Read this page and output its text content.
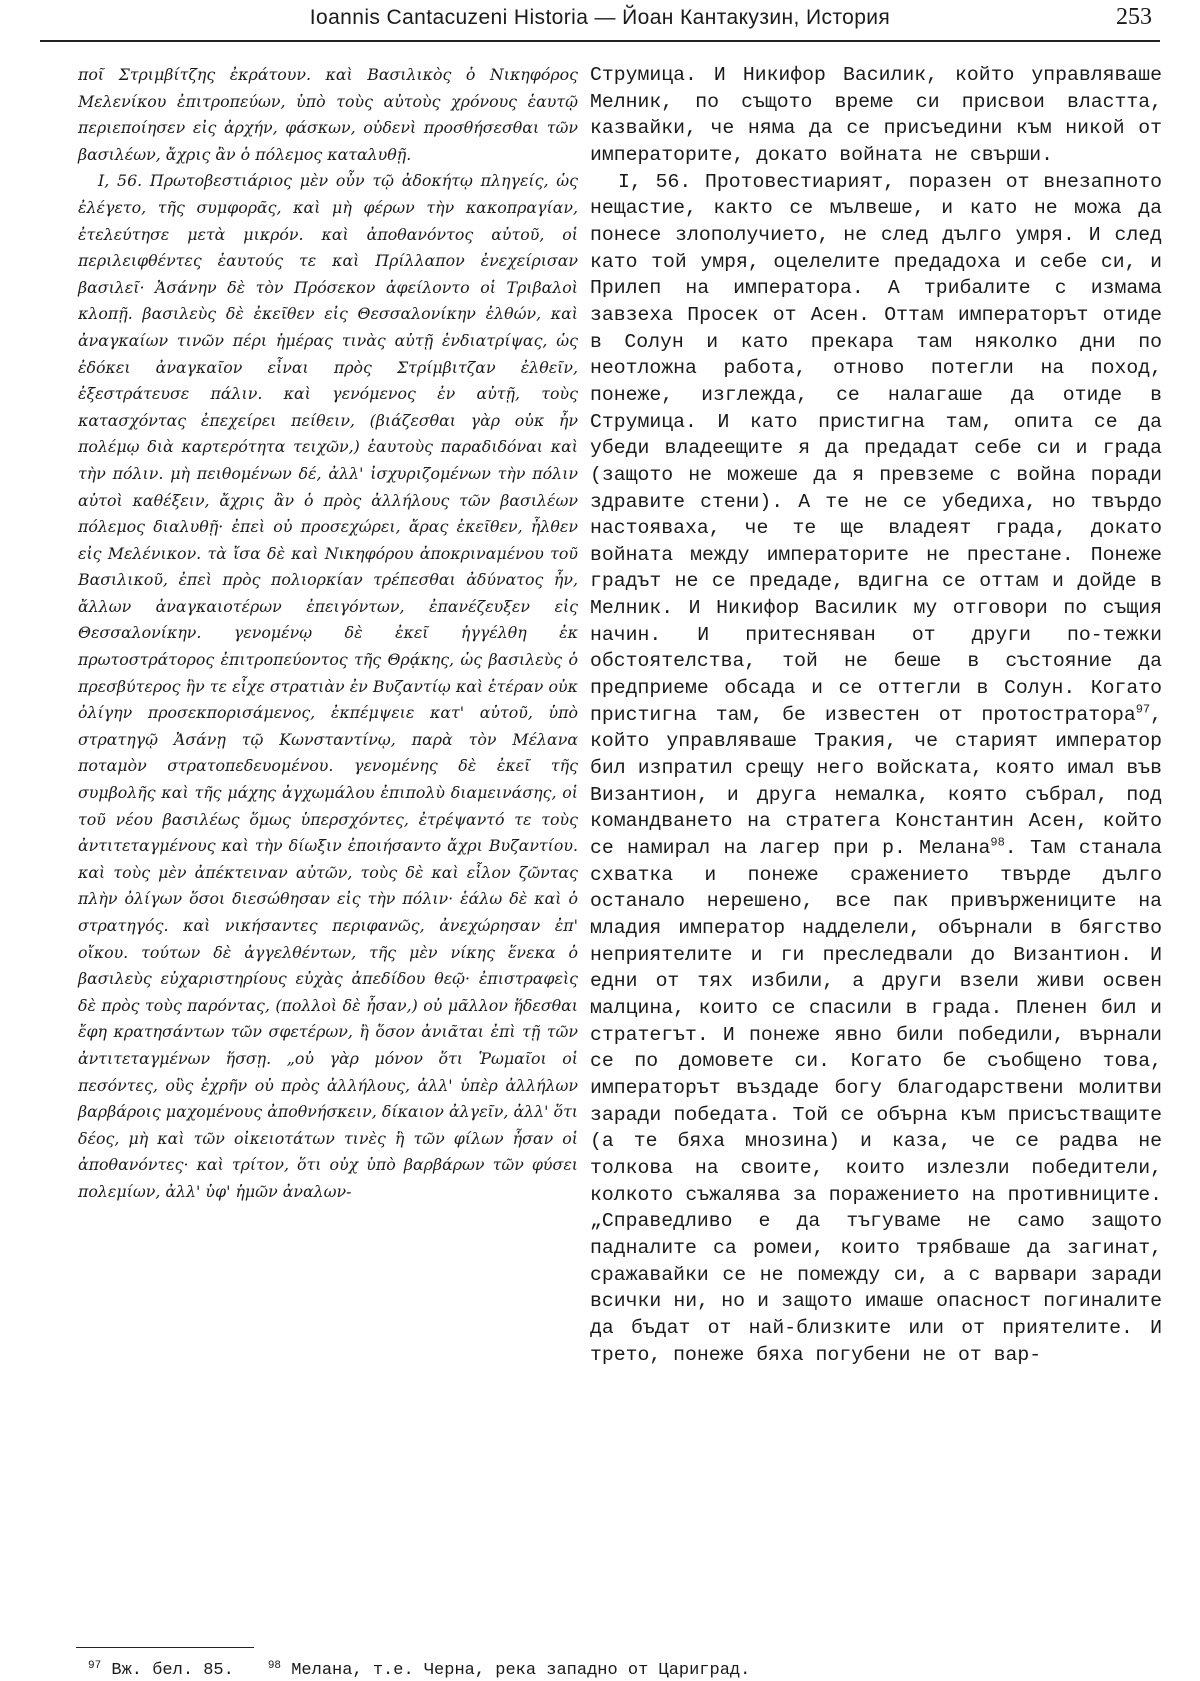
Ioannis Cantacuzeni Historia — Йоан Кантакузин, История	253

ποῖ Στριμβίτζης ἐκράτουν. καὶ Βασιλικὸς ὁ Νικηφόρος Μελενίκου ἐπιτροπεύων, ὑπὸ τοὺς αὐτοὺς χρόνους ἑαυτῷ περιεποίησεν εἰς ἀρχήν, φάσκων, οὐδενὶ προσθήσεσθαι τῶν βασιλέων, ἄχρις ἂν ὁ πόλεμος καταλυθῇ.

I, 56. Πρωτοβεστιάριος μὲν οὖν τῷ ἀδοκήτῳ πληγείς, ὡς ἐλέγετο, τῆς συμφορᾶς, καὶ μὴ φέρων τὴν κακοπραγίαν, ἐτελεύτησε μετὰ μικρόν. καὶ ἀποθανόντος αὐτοῦ, οἱ περιλειφθέντες ἑαυτούς τε καὶ Πρίλλαπον ἐνεχείρισαν βασιλεῖ· Ἀσάνην δὲ τὸν Πρόσεκον ἀφείλοντο οἱ Τριβαλοὶ κλοπῇ. βασιλεὺς δὲ ἐκεῖθεν εἰς Θεσσαλονίκην ἐλθών, καὶ ἀναγκαίων τινῶν πέρι ἡμέρας τινὰς αὐτῇ ἐνδιατρίψας, ὡς ἐδόκει ἀναγκαῖον εἶναι πρὸς Στρίμβιτζαν ἐλθεῖν, ἐξεστράτευσε πάλιν. καὶ γενόμενος ἐν αὐτῇ, τοὺς κατασχόντας ἐπεχείρει πείθειν, (βιάζεσθαι γὰρ οὐκ ἦν πολέμῳ διὰ καρτερότητα τειχῶν,) ἑαυτοὺς παραδιδόναι καὶ τὴν πόλιν. μὴ πειθομένων δέ, ἀλλ' ἰσχυριζομένων τὴν πόλιν αὐτοὶ καθέξειν, ἄχρις ἂν ὁ πρὸς ἀλλήλους τῶν βασιλέων πόλεμος διαλυθῇ· ἐπεὶ οὐ προσεχώρει, ἄρας ἐκεῖθεν, ἦλθεν εἰς Μελένικον. τὰ ἴσα δὲ καὶ Νικηφόρου ἀποκριναμένου τοῦ Βασιλικοῦ, ἐπεὶ πρὸς πολιορκίαν τρέπεσθαι ἀδύνατος ἦν, ἄλλων ἀναγκαιοτέρων ἐπειγόντων, ἐπανέζευξεν εἰς Θεσσαλονίκην. γενομένῳ δὲ ἐκεῖ ἠγγέλθη ἐκ πρωτοστράτορος ἐπιτροπεύοντος τῆς Θρᾴκης, ὡς βασιλεὺς ὁ πρεσβύτερος ἣν τε εἶχε στρατιὰν ἐν Βυζαντίῳ καὶ ἑτέραν οὐκ ὀλίγην προσεκπορισάμενος, ἐκπέμψειε κατ' αὐτοῦ, ὑπὸ στρατηγῷ Ἀσάνῃ τῷ Κωνσταντίνῳ, παρὰ τὸν Μέλανα ποταμὸν στρατοπεδευομένου. γενομένης δὲ ἐκεῖ τῆς συμβολῆς καὶ τῆς μάχης ἀγχωμάλου ἐπιπολὺ διαμεινάσης, οἱ τοῦ νέου βασιλέως ὅμως ὑπερσχόντες, ἐτρέψαντό τε τοὺς ἀντιτεταγμένους καὶ τὴν δίωξιν ἐποιήσαντο ἄχρι Βυζαντίου. καὶ τοὺς μὲν ἀπέκτειναν αὐτῶν, τοὺς δὲ καὶ εἷλον ζῶντας πλὴν ὀλίγων ὅσοι διεσώθησαν εἰς τὴν πόλιν· ἑάλω δὲ καὶ ὁ στρατηγός. καὶ νικήσαντες περιφανῶς, ἀνεχώρησαν ἐπ' οἴκου. τούτων δὲ ἀγγελθέντων, τῆς μὲν νίκης ἕνεκα ὁ βασιλεὺς εὐχαριστηρίους εὐχὰς ἀπεδίδου θεῷ· ἐπιστραφεὶς δὲ πρὸς τοὺς παρόντας, (πολλοὶ δὲ ἦσαν,) οὐ μᾶλλον ἥδεσθαι ἔφη κρατησάντων τῶν σφετέρων, ἢ ὅσον ἀνιᾶται ἐπὶ τῇ τῶν ἀντιτεταγμένων ἥσσῃ. „οὐ γὰρ μόνον ὅτι Ῥωμαῖοι οἱ πεσόντες, οὓς ἐχρῆν οὐ πρὸς ἀλλήλους, ἀλλ' ὑπὲρ ἀλλήλων βαρβάροις μαχομένους ἀποθνήσκειν, δίκαιον ἀλγεῖν, ἀλλ' ὅτι δέος, μὴ καὶ τῶν οἰκειοτάτων τινὲς ἢ τῶν φίλων ἦσαν οἱ ἀποθανόντες· καὶ τρίτον, ὅτι οὐχ ὑπὸ βαρβάρων τῶν φύσει πολεμίων, ἀλλ' ὑφ' ἡμῶν ἀναλων-

Струмица. И Никифор Василик, който управляваше Мелник, по същото време си присвои властта, казвайки, че няма да се присъедини към никой от императорите, докато войната не свърши.

I, 56. Протовестиарият, поразен от внезапното нещастие, както се мълвеше, и като не можа да понесе злополучието, не след дълго умря. И след като той умря, оцелелите предадоха и себе си, и Прилеп на императора. А трибалите с измама завзеха Просек от Асен. Оттам императорът отиде в Солун и като прекара там няколко дни по неотложна работа, отново потегли на поход, понеже, изглежда, се налагаше да отиде в Струмица. И като пристигна там, опита се да убеди владеещите я да предадат себе си и града (защото не можеше да я превземе с война поради здравите стени). А те не се убедиха, но твърдо настояваха, че те ще владеят града, докато войната между императорите не престане. Понеже градът не се предаде, вдигна се оттам и дойде в Мелник. И Никифор Василик му отговори по същия начин. И притесняван от други по-тежки обстоятелства, той не беше в състояние да предприеме обсада и се оттегли в Солун. Когато пристигна там, бе известен от протостратора$^{97}$, който управляваше Тракия, че старият император бил изпратил срещу него войската, която имал във Византион, и друга немалка, която събрал, под командването на стратега Константин Асен, който се намирал на лагер при р. Мелана$^{98}$. Там станала схватка и понеже сражението твърде дълго останало нерешено, все пак привържениците на младия император надделели, обърнали в бягство неприятелите и ги преследвали до Византион. И едни от тях избили, а други взели живи освен малцина, които се спасили в града. Пленен бил и стратегът. И понеже явно били победили, върнали се по домовете си. Когато бе съобщено това, императорът въздаде богу благодарствени молитви заради победата. Той се обърна към присъстващите (а те бяха мнозина) и каза, че се радва не толкова на своите, които излезли победители, колкото съжалява за поражението на противниците. „Справедливо е да тъгуваме не само защото падналите са ромеи, които трябваше да загинат, сражавайки се не помежду си, а с варвари заради всички ни, но и защото имаше опасност погиналите да бъдат от най-близките или от приятелите. И трето, понеже бяха погубени не от вар-

$^{97}$ Вж. бел. 85.	$^{98}$ Мелана, т.е. Черна, река западно от Цариград.
